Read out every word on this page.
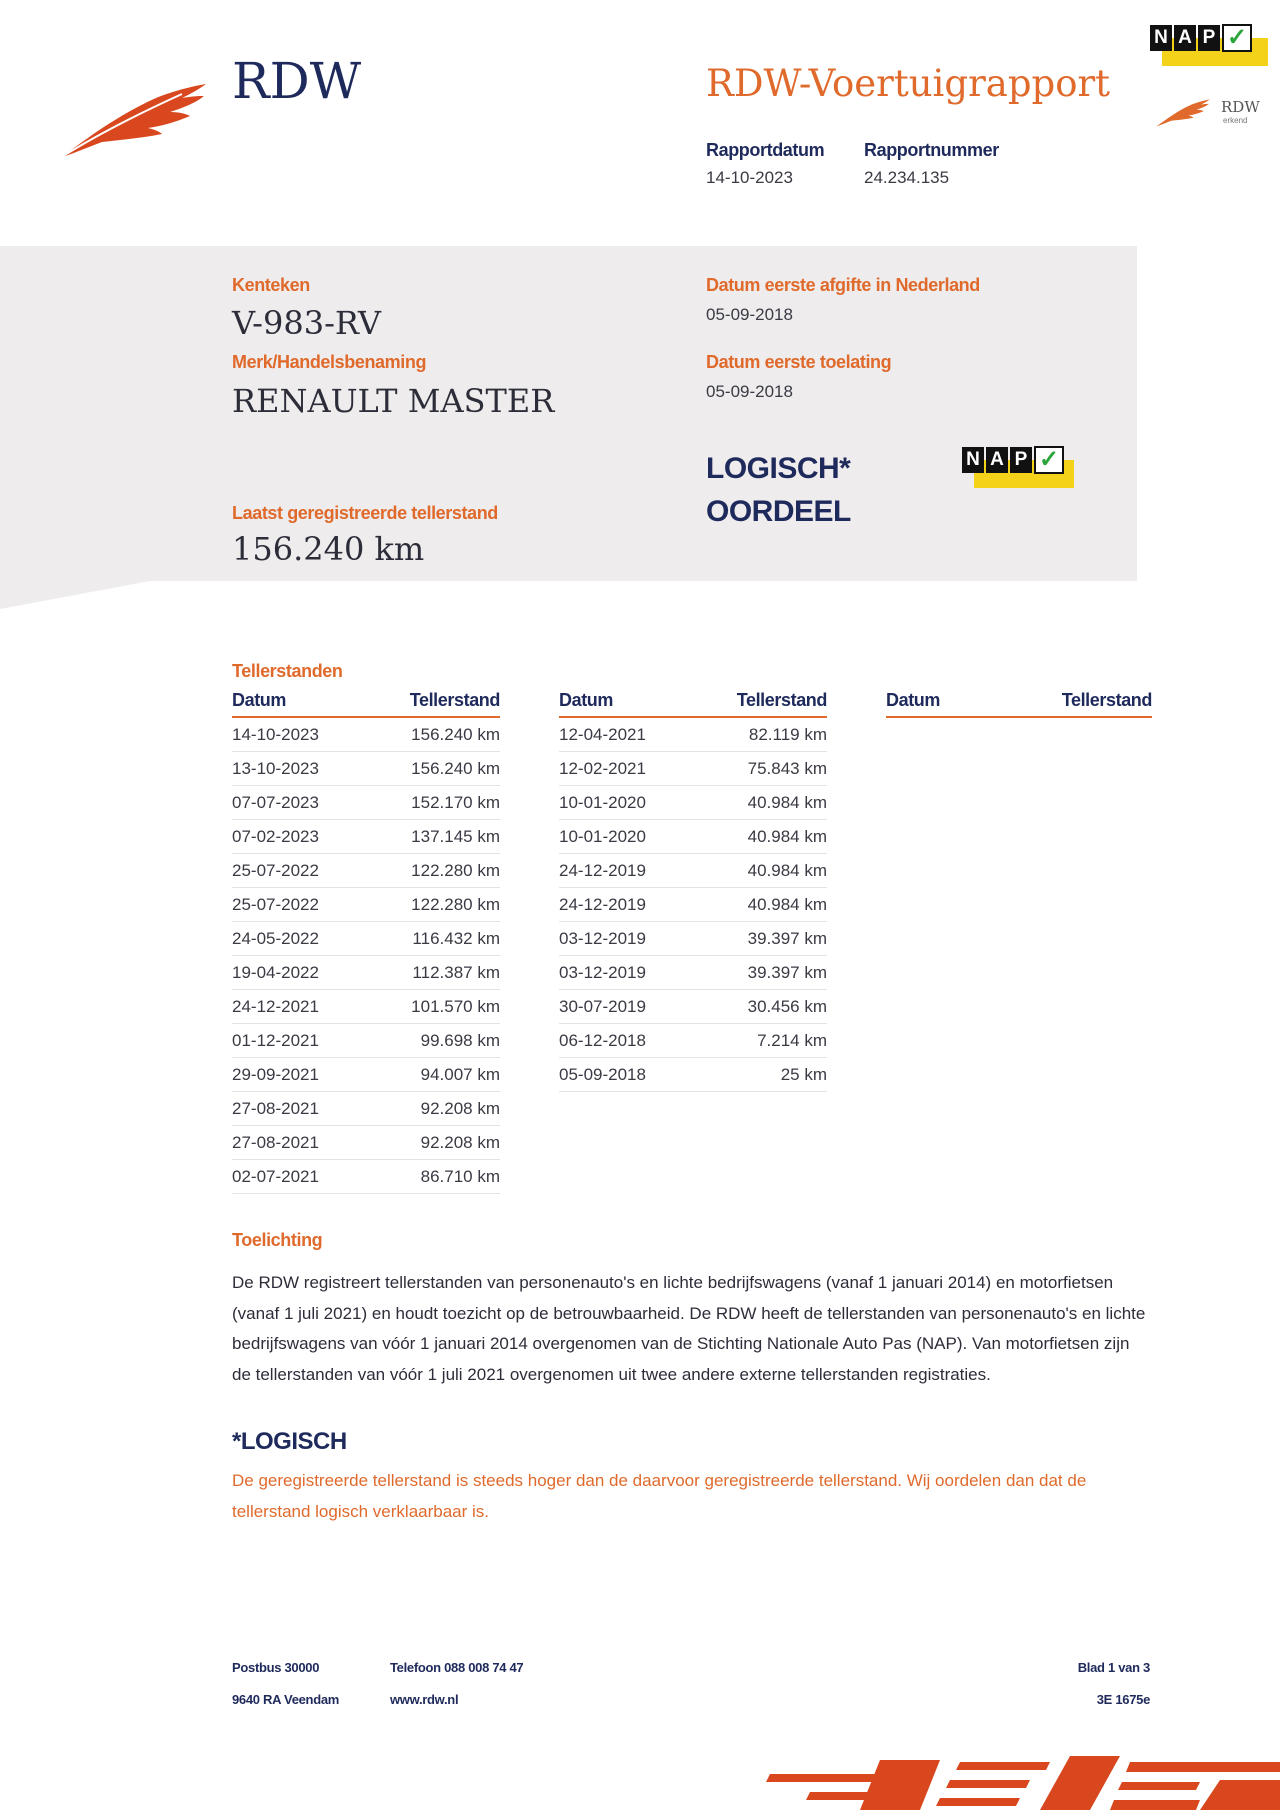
RDW	RDW-Voertuigrapport
Rapportdatum
14-10-2023
Rapportnummer
24.234.135
N A P ✓
RDW
erkend
Kenteken
V-983-RV
Merk/Handelsbenaming
RENAULT MASTER
Laatst geregistreerde tellerstand
156.240 km
Datum eerste afgifte in Nederland
05-09-2018
Datum eerste toelating
05-09-2018
LOGISCH*
OORDEEL
N A P ✓
Tellerstanden
Datum	Tellerstand
14-10-2023	156.240 km
13-10-2023	156.240 km
07-07-2023	152.170 km
07-02-2023	137.145 km
25-07-2022	122.280 km
25-07-2022	122.280 km
24-05-2022	116.432 km
19-04-2022	112.387 km
24-12-2021	101.570 km
01-12-2021	99.698 km
29-09-2021	94.007 km
27-08-2021	92.208 km
27-08-2021	92.208 km
02-07-2021	86.710 km
Datum	Tellerstand
12-04-2021	82.119 km
12-02-2021	75.843 km
10-01-2020	40.984 km
10-01-2020	40.984 km
24-12-2019	40.984 km
24-12-2019	40.984 km
03-12-2019	39.397 km
03-12-2019	39.397 km
30-07-2019	30.456 km
06-12-2018	7.214 km
05-09-2018	25 km
Datum	Tellerstand
Toelichting
De RDW registreert tellerstanden van personenauto's en lichte bedrijfswagens (vanaf 1 januari 2014) en motorfietsen (vanaf 1 juli 2021) en houdt toezicht op de betrouwbaarheid. De RDW heeft de tellerstanden van personenauto's en lichte bedrijfswagens van vóór 1 januari 2014 overgenomen van de Stichting Nationale Auto Pas (NAP). Van motorfietsen zijn de tellerstanden van vóór 1 juli 2021 overgenomen uit twee andere externe tellerstanden registraties.
*LOGISCH
De geregistreerde tellerstand is steeds hoger dan de daarvoor geregistreerde tellerstand. Wij oordelen dan dat de tellerstand logisch verklaarbaar is.
Postbus 30000
9640 RA Veendam
Telefoon 088 008 74 47
www.rdw.nl
Blad 1 van 3
3E 1675e
